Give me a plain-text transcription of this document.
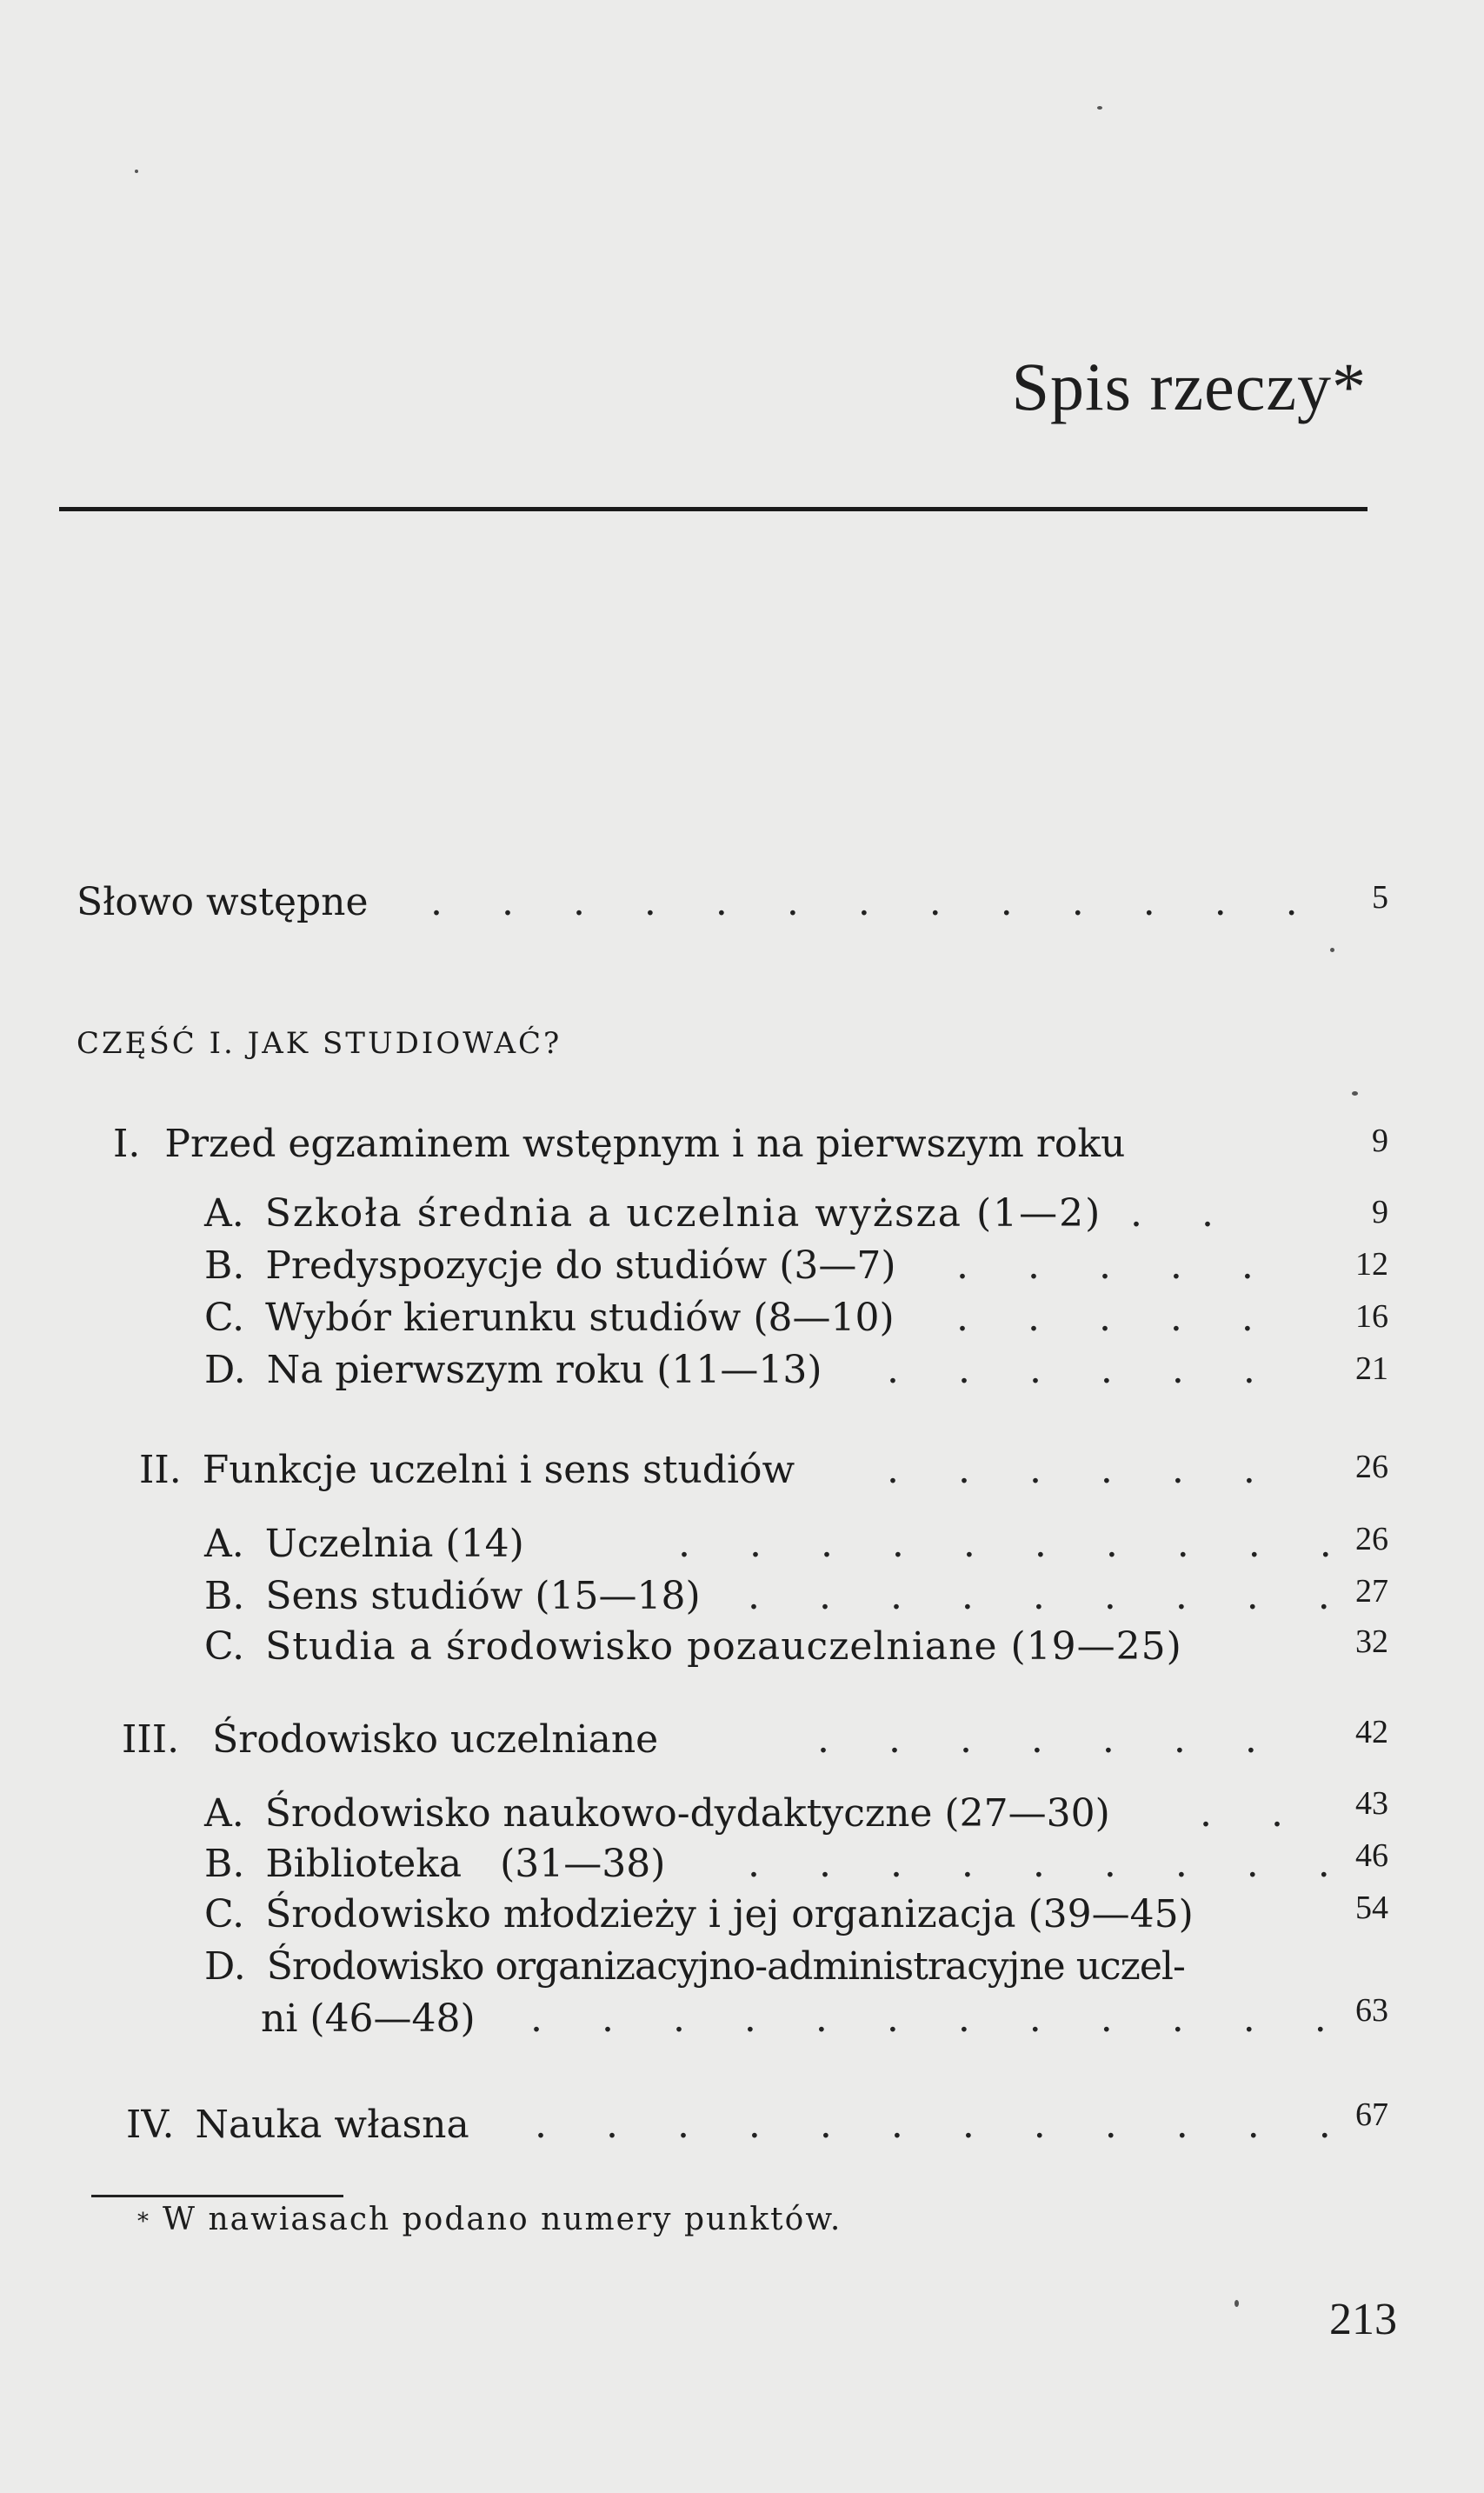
Spis rzeczy*
Słowo wstępne . . . . . . . . . . . . . 5
CZĘŚĆ I. JAK STUDIOWAĆ?
I. Przed egzaminem wstępnym i na pierwszym roku	9
A. Szkoła średnia a uczelnia wyższa (1—2) . .	9
B. Predyspozycje do studiów (3—7) . . . . . 12
C. Wybór kierunku studiów (8—10) . . . . . 16
D. Na pierwszym roku (11—13) . . . . . . 21
II. Funkcje uczelni i sens studiów . . . . . . 26
A. Uczelnia (14)	. . . . . . . . . . 26
B. Sens studiów (15—18) . . . . . . . . . 27
C. Studia a środowisko pozauczelniane (19—25)	32
III. Środowisko uczelniane	. . . . . . . 42
A. Środowisko naukowo-dydaktyczne (27—30) . . 43
B. Biblioteka (31—38) . . . . . . . . . 46
C. Środowisko młodzieży i jej organizacja (39—45)	54
D. Środowisko organizacyjno-administracyjne uczel-
ni (46—48) . . . . . . . . . . . . 63
IV. Nauka własna . . . . . . . . . . . . 67
* W nawiasach podano numery punktów.
213
